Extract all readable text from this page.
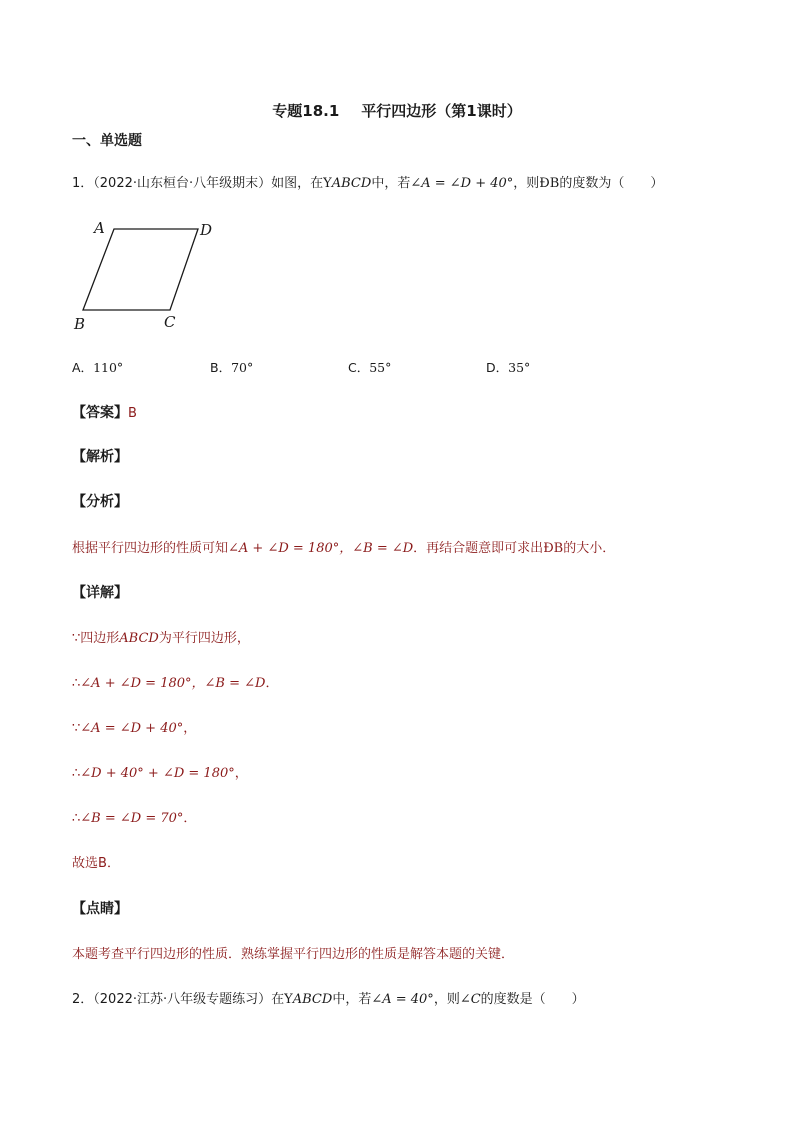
专题18.1 平行四边形（第1课时）
一、单选题
1．（2022·山东桓台·八年级期末）如图，在YABCD中，若∠A = ∠D + 40°，则ÐB的度数为（　　）
A	D
B	C
A．110°	B．70°	C．55°	D．35°
【答案】B
【解析】
【分析】
根据平行四边形的性质可知∠A + ∠D = 180°，∠B = ∠D．再结合题意即可求出ÐB的大小．
【详解】
∵四边形ABCD为平行四边形，
∴∠A + ∠D = 180°，∠B = ∠D．
∵∠A = ∠D + 40°，
∴∠D + 40° + ∠D = 180°，
∴∠B = ∠D = 70°．
故选B．
【点睛】
本题考查平行四边形的性质．熟练掌握平行四边形的性质是解答本题的关键．
2．（2022·江苏·八年级专题练习）在YABCD中，若∠A = 40°，则∠C的度数是（　　）
